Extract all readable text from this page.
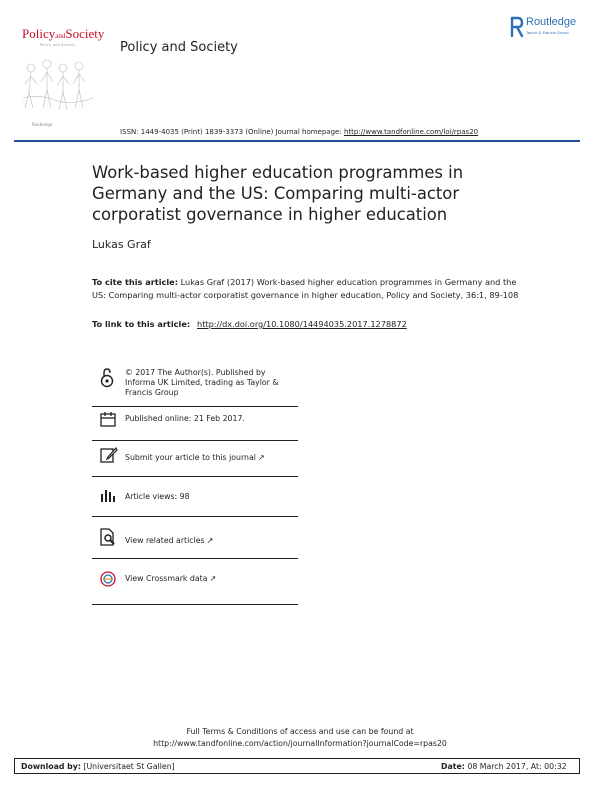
PolicyandSociety
Policy and Society
Routledge
Policy and Society
Routledge
Taylor & Francis Group
ISSN: 1449-4035 (Print) 1839-3373 (Online) Journal homepage: http://www.tandfonline.com/loi/rpas20
Work-based higher education programmes in Germany and the US: Comparing multi-actor corporatist governance in higher education
Lukas Graf
To cite this article: Lukas Graf (2017) Work-based higher education programmes in Germany and the US: Comparing multi-actor corporatist governance in higher education, Policy and Society, 36:1, 89-108
To link to this article: http://dx.doi.org/10.1080/14494035.2017.1278872
© 2017 The Author(s). Published by Informa UK Limited, trading as Taylor & Francis Group
Published online: 21 Feb 2017.
Submit your article to this journal ↗
Article views: 98
View related articles ↗
View Crossmark data ↗
Full Terms & Conditions of access and use can be found at
http://www.tandfonline.com/action/journalInformation?journalCode=rpas20
Download by: [Universitaet St Gallen]	Date: 08 March 2017, At: 00:32
